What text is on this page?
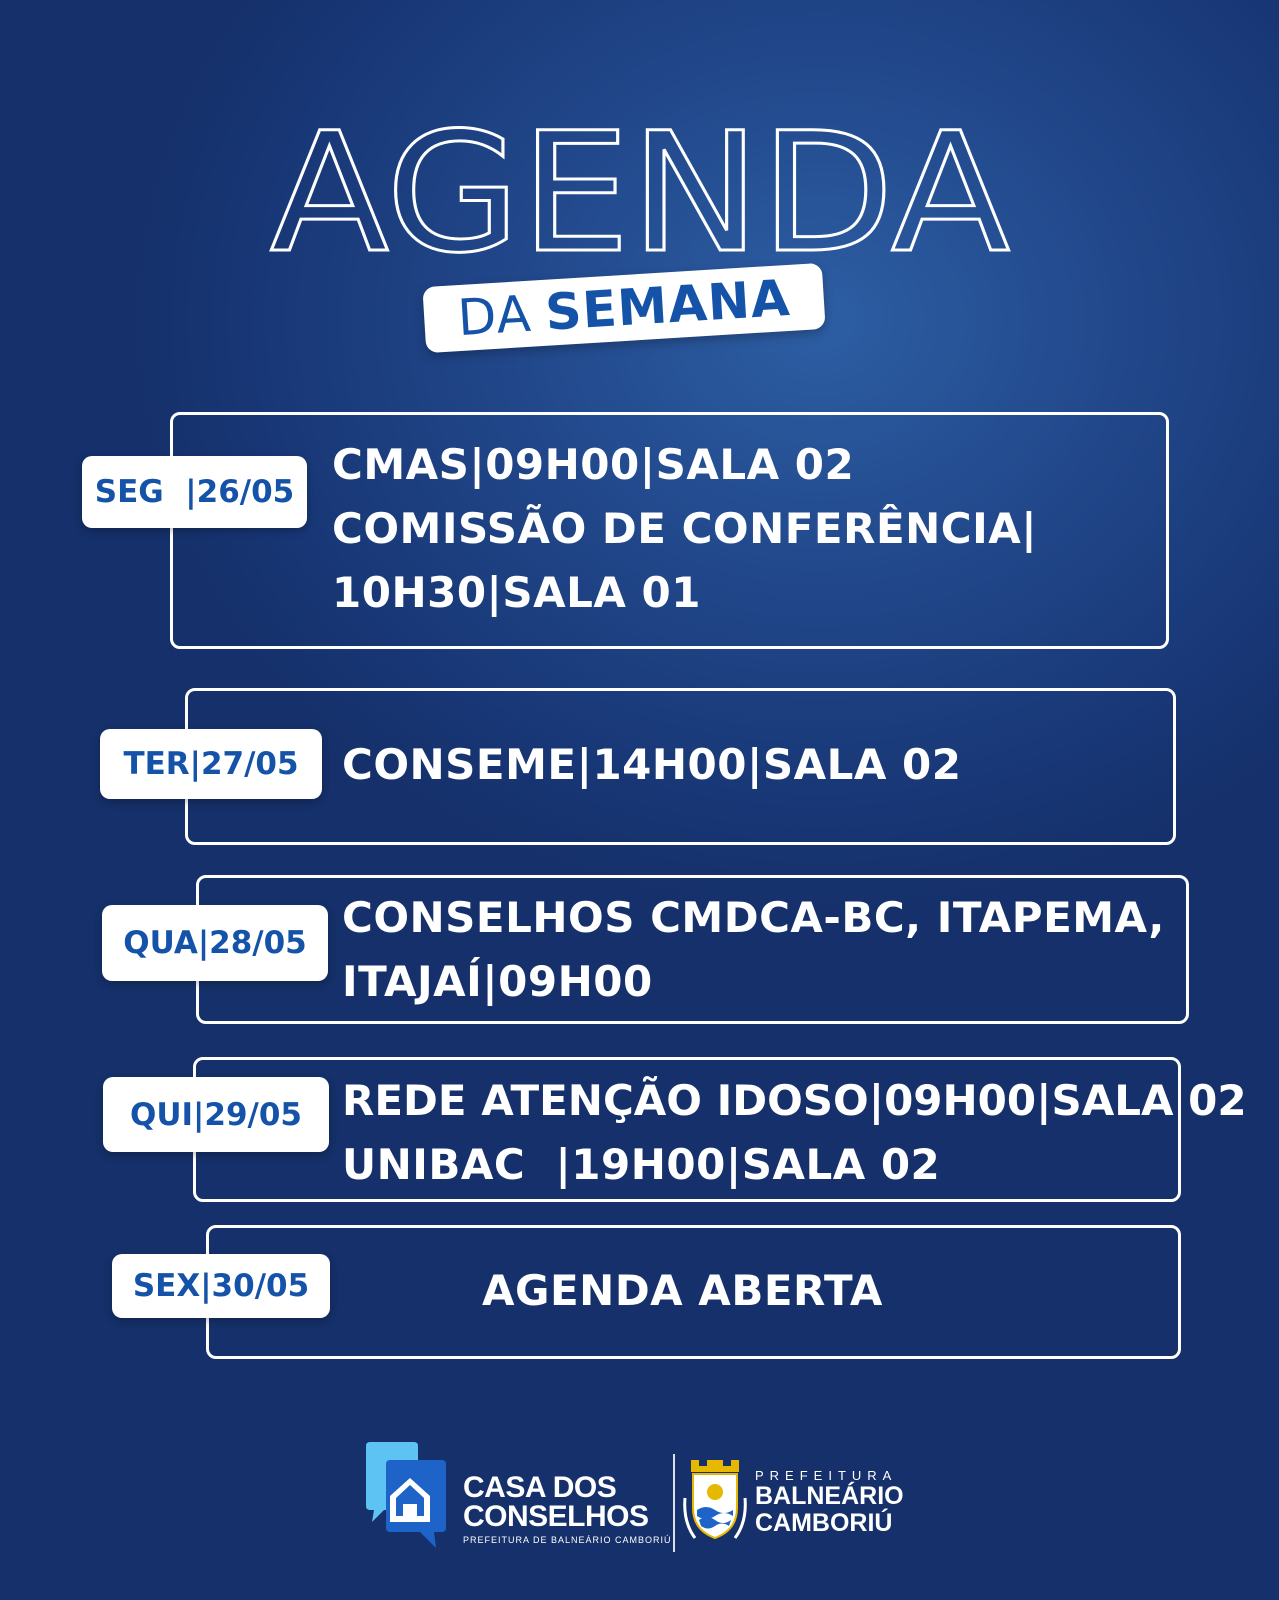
AGENDA
DA SEMANA
CMAS|09H00|SALA 02
COMISSÃO DE CONFERÊNCIA|
10H30|SALA 01
SEG  |26/05
CONSEME|14H00|SALA 02
TER|27/05
CONSELHOS CMDCA-BC, ITAPEMA,
ITAJAÍ|09H00
QUA|28/05
REDE ATENÇÃO IDOSO|09H00|SALA 02
UNIBAC  |19H00|SALA 02
QUI|29/05
AGENDA ABERTA
SEX|30/05
CASA DOS
CONSELHOS
PREFEITURA DE BALNEÁRIO CAMBORIÚ
PREFEITURA
BALNEÁRIO
CAMBORIÚ
